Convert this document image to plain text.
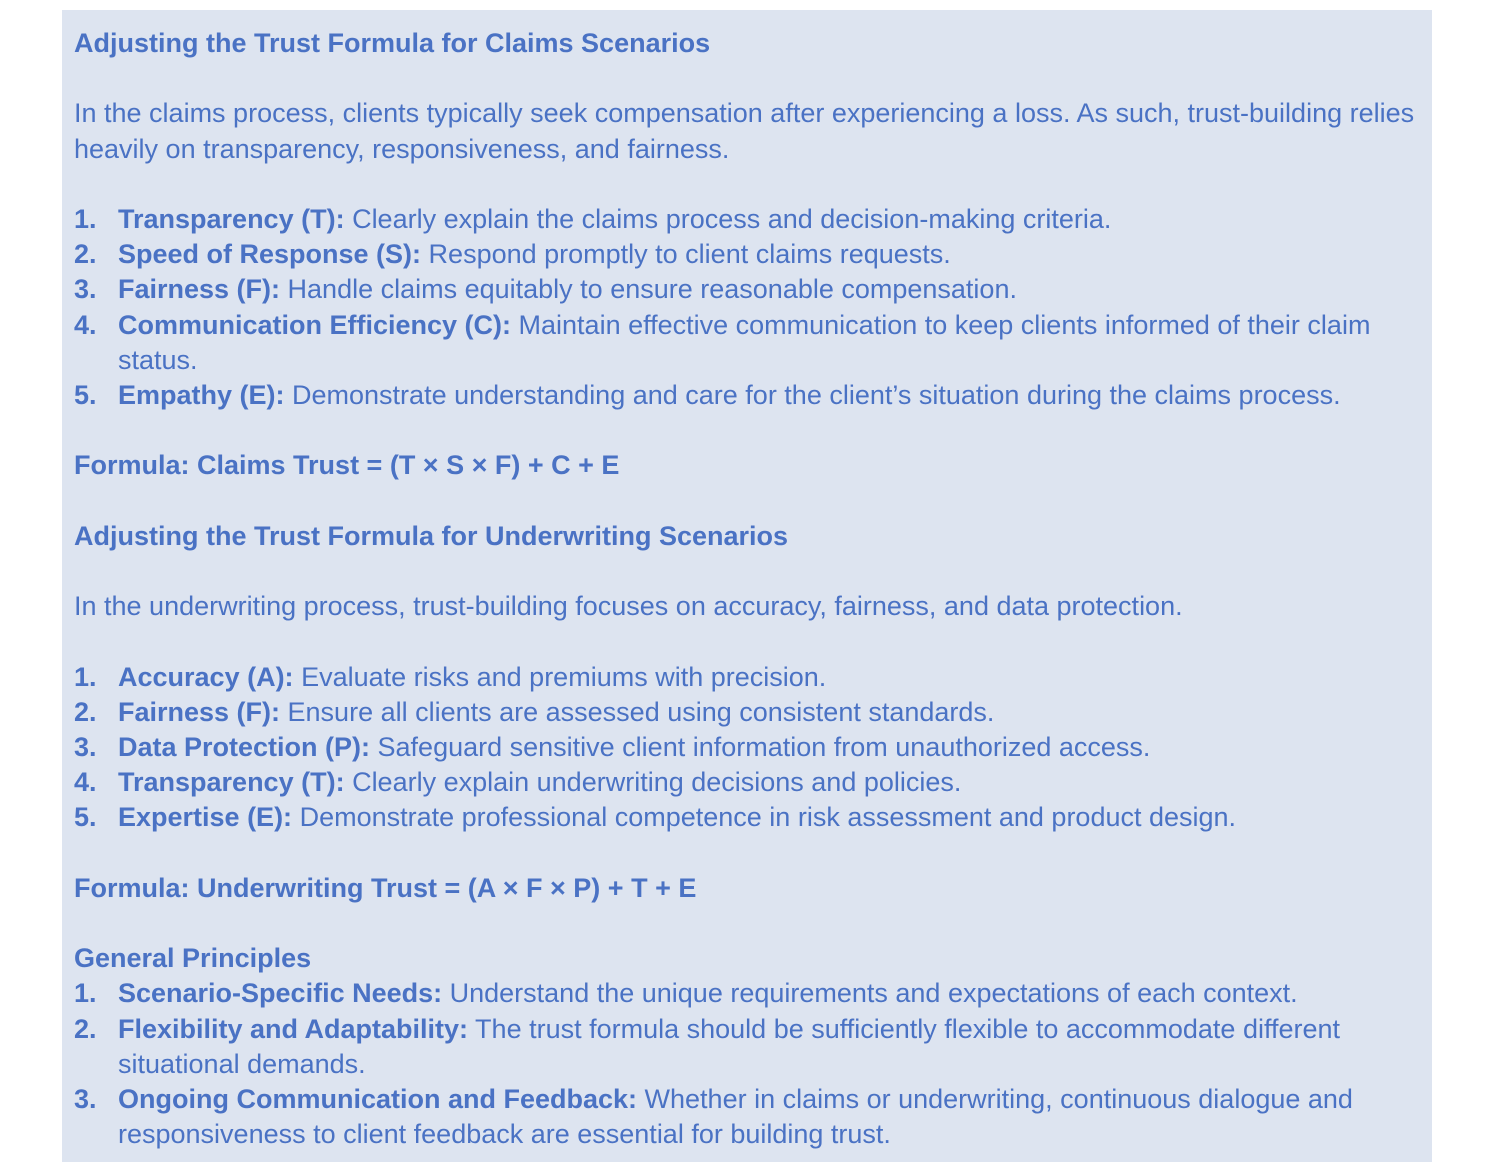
Adjusting the Trust Formula for Claims Scenarios

In the claims process, clients typically seek compensation after experiencing a loss. As such, trust-building relies heavily on transparency, responsiveness, and fairness.

1. Transparency (T): Clearly explain the claims process and decision-making criteria.
2. Speed of Response (S): Respond promptly to client claims requests.
3. Fairness (F): Handle claims equitably to ensure reasonable compensation.
4. Communication Efficiency (C): Maintain effective communication to keep clients informed of their claim status.
5. Empathy (E): Demonstrate understanding and care for the client’s situation during the claims process.

Formula: Claims Trust = (T × S × F) + C + E

Adjusting the Trust Formula for Underwriting Scenarios

In the underwriting process, trust-building focuses on accuracy, fairness, and data protection.

1. Accuracy (A): Evaluate risks and premiums with precision.
2. Fairness (F): Ensure all clients are assessed using consistent standards.
3. Data Protection (P): Safeguard sensitive client information from unauthorized access.
4. Transparency (T): Clearly explain underwriting decisions and policies.
5. Expertise (E): Demonstrate professional competence in risk assessment and product design.

Formula: Underwriting Trust = (A × F × P) + T + E

General Principles

1. Scenario-Specific Needs: Understand the unique requirements and expectations of each context.
2. Flexibility and Adaptability: The trust formula should be sufficiently flexible to accommodate different situational demands.
3. Ongoing Communication and Feedback: Whether in claims or underwriting, continuous dialogue and responsiveness to client feedback are essential for building trust.
